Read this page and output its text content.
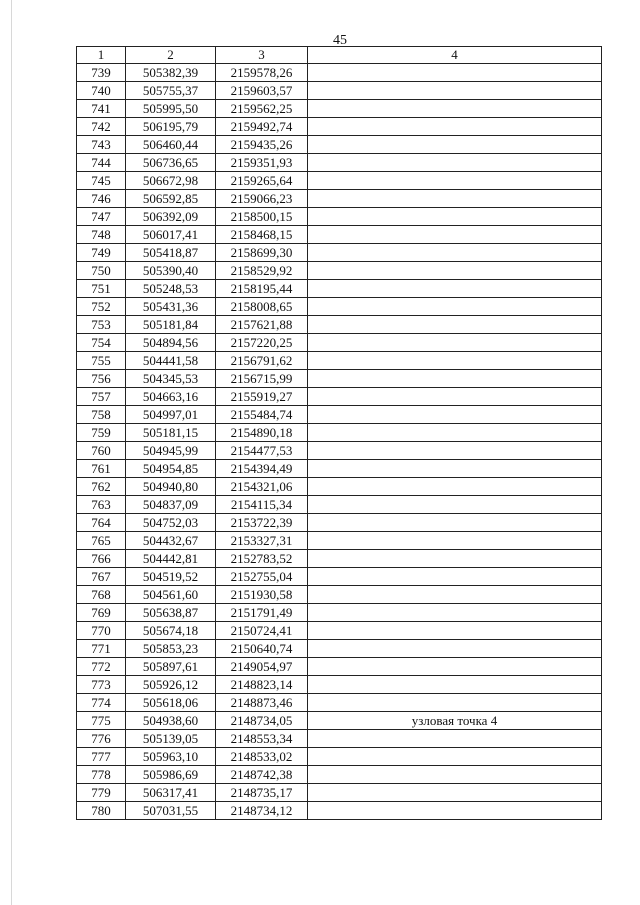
45
1	2	3	4
739	505382,39	2159578,26	
740	505755,37	2159603,57	
741	505995,50	2159562,25	
742	506195,79	2159492,74	
743	506460,44	2159435,26	
744	506736,65	2159351,93	
745	506672,98	2159265,64	
746	506592,85	2159066,23	
747	506392,09	2158500,15	
748	506017,41	2158468,15	
749	505418,87	2158699,30	
750	505390,40	2158529,92	
751	505248,53	2158195,44	
752	505431,36	2158008,65	
753	505181,84	2157621,88	
754	504894,56	2157220,25	
755	504441,58	2156791,62	
756	504345,53	2156715,99	
757	504663,16	2155919,27	
758	504997,01	2155484,74	
759	505181,15	2154890,18	
760	504945,99	2154477,53	
761	504954,85	2154394,49	
762	504940,80	2154321,06	
763	504837,09	2154115,34	
764	504752,03	2153722,39	
765	504432,67	2153327,31	
766	504442,81	2152783,52	
767	504519,52	2152755,04	
768	504561,60	2151930,58	
769	505638,87	2151791,49	
770	505674,18	2150724,41	
771	505853,23	2150640,74	
772	505897,61	2149054,97	
773	505926,12	2148823,14	
774	505618,06	2148873,46	
775	504938,60	2148734,05	узловая точка 4
776	505139,05	2148553,34	
777	505963,10	2148533,02	
778	505986,69	2148742,38	
779	506317,41	2148735,17	
780	507031,55	2148734,12	
